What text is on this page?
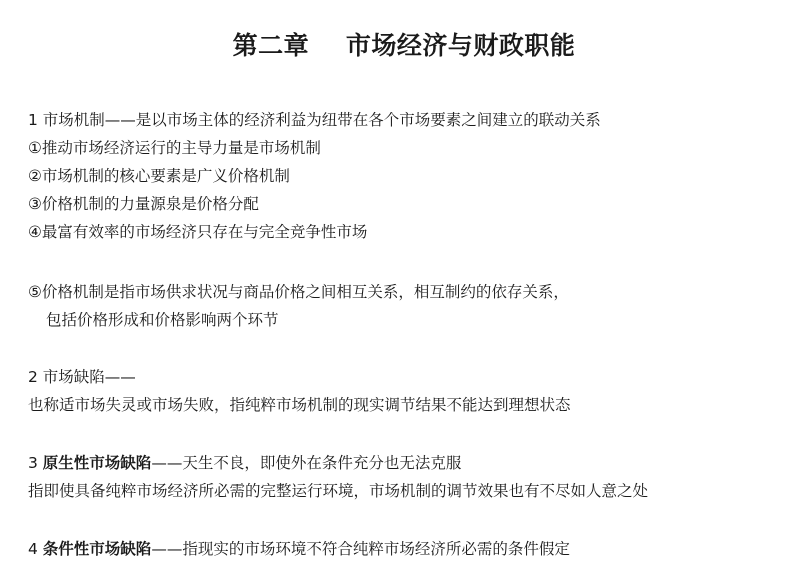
第二章    市场经济与财政职能
1 市场机制——是以市场主体的经济利益为纽带在各个市场要素之间建立的联动关系
①推动市场经济运行的主导力量是市场机制
②市场机制的核心要素是广义价格机制
③价格机制的力量源泉是价格分配
④最富有效率的市场经济只存在与完全竞争性市场
⑤价格机制是指市场供求状况与商品价格之间相互关系，相互制约的依存关系，
包括价格形成和价格影响两个环节
2 市场缺陷——
也称适市场失灵或市场失败，指纯粹市场机制的现实调节结果不能达到理想状态
3 原生性市场缺陷——天生不良，即使外在条件充分也无法克服
指即使具备纯粹市场经济所必需的完整运行环境，市场机制的调节效果也有不尽如人意之处
4 条件性市场缺陷——指现实的市场环境不符合纯粹市场经济所必需的条件假定
